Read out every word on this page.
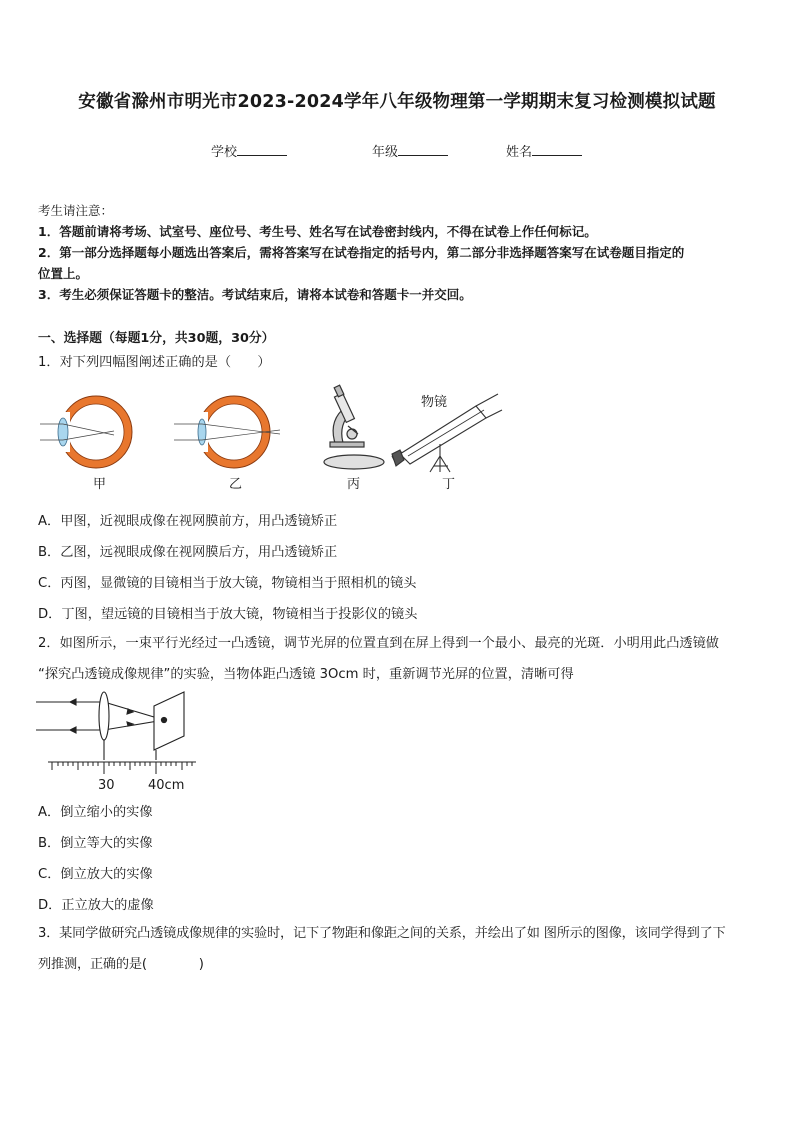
安徽省滁州市明光市2023-2024学年八年级物理第一学期期末复习检测模拟试题
学校	年级	姓名
考生请注意：
1．答题前请将考场、试室号、座位号、考生号、姓名写在试卷密封线内，不得在试卷上作任何标记。
2．第一部分选择题每小题选出答案后，需将答案写在试卷指定的括号内，第二部分非选择题答案写在试卷题目指定的
位置上。
3．考生必须保证答题卡的整洁。考试结束后，请将本试卷和答题卡一并交回。
一、选择题（每题1分，共30题，30分）
1．对下列四幅图阐述正确的是（　　）
物镜
甲	乙	丙	丁
A．甲图，近视眼成像在视网膜前方，用凸透镜矫正
B．乙图，远视眼成像在视网膜后方，用凸透镜矫正
C．丙图，显微镜的目镜相当于放大镜，物镜相当于照相机的镜头
D．丁图，望远镜的目镜相当于放大镜，物镜相当于投影仪的镜头
2．如图所示，一束平行光经过一凸透镜，调节光屏的位置直到在屏上得到一个最小、最亮的光斑．小明用此凸透镜做
“探究凸透镜成像规律”的实验，当物体距凸透镜 3Ocm 时，重新调节光屏的位置，清晰可得
30	40cm
A．倒立缩小的实像
B．倒立等大的实像
C．倒立放大的实像
D．正立放大的虚像
3．某同学做研究凸透镜成像规律的实验时，记下了物距和像距之间的关系，并绘出了如 图所示的图像，该同学得到了下
列推测，正确的是(　　　　)
